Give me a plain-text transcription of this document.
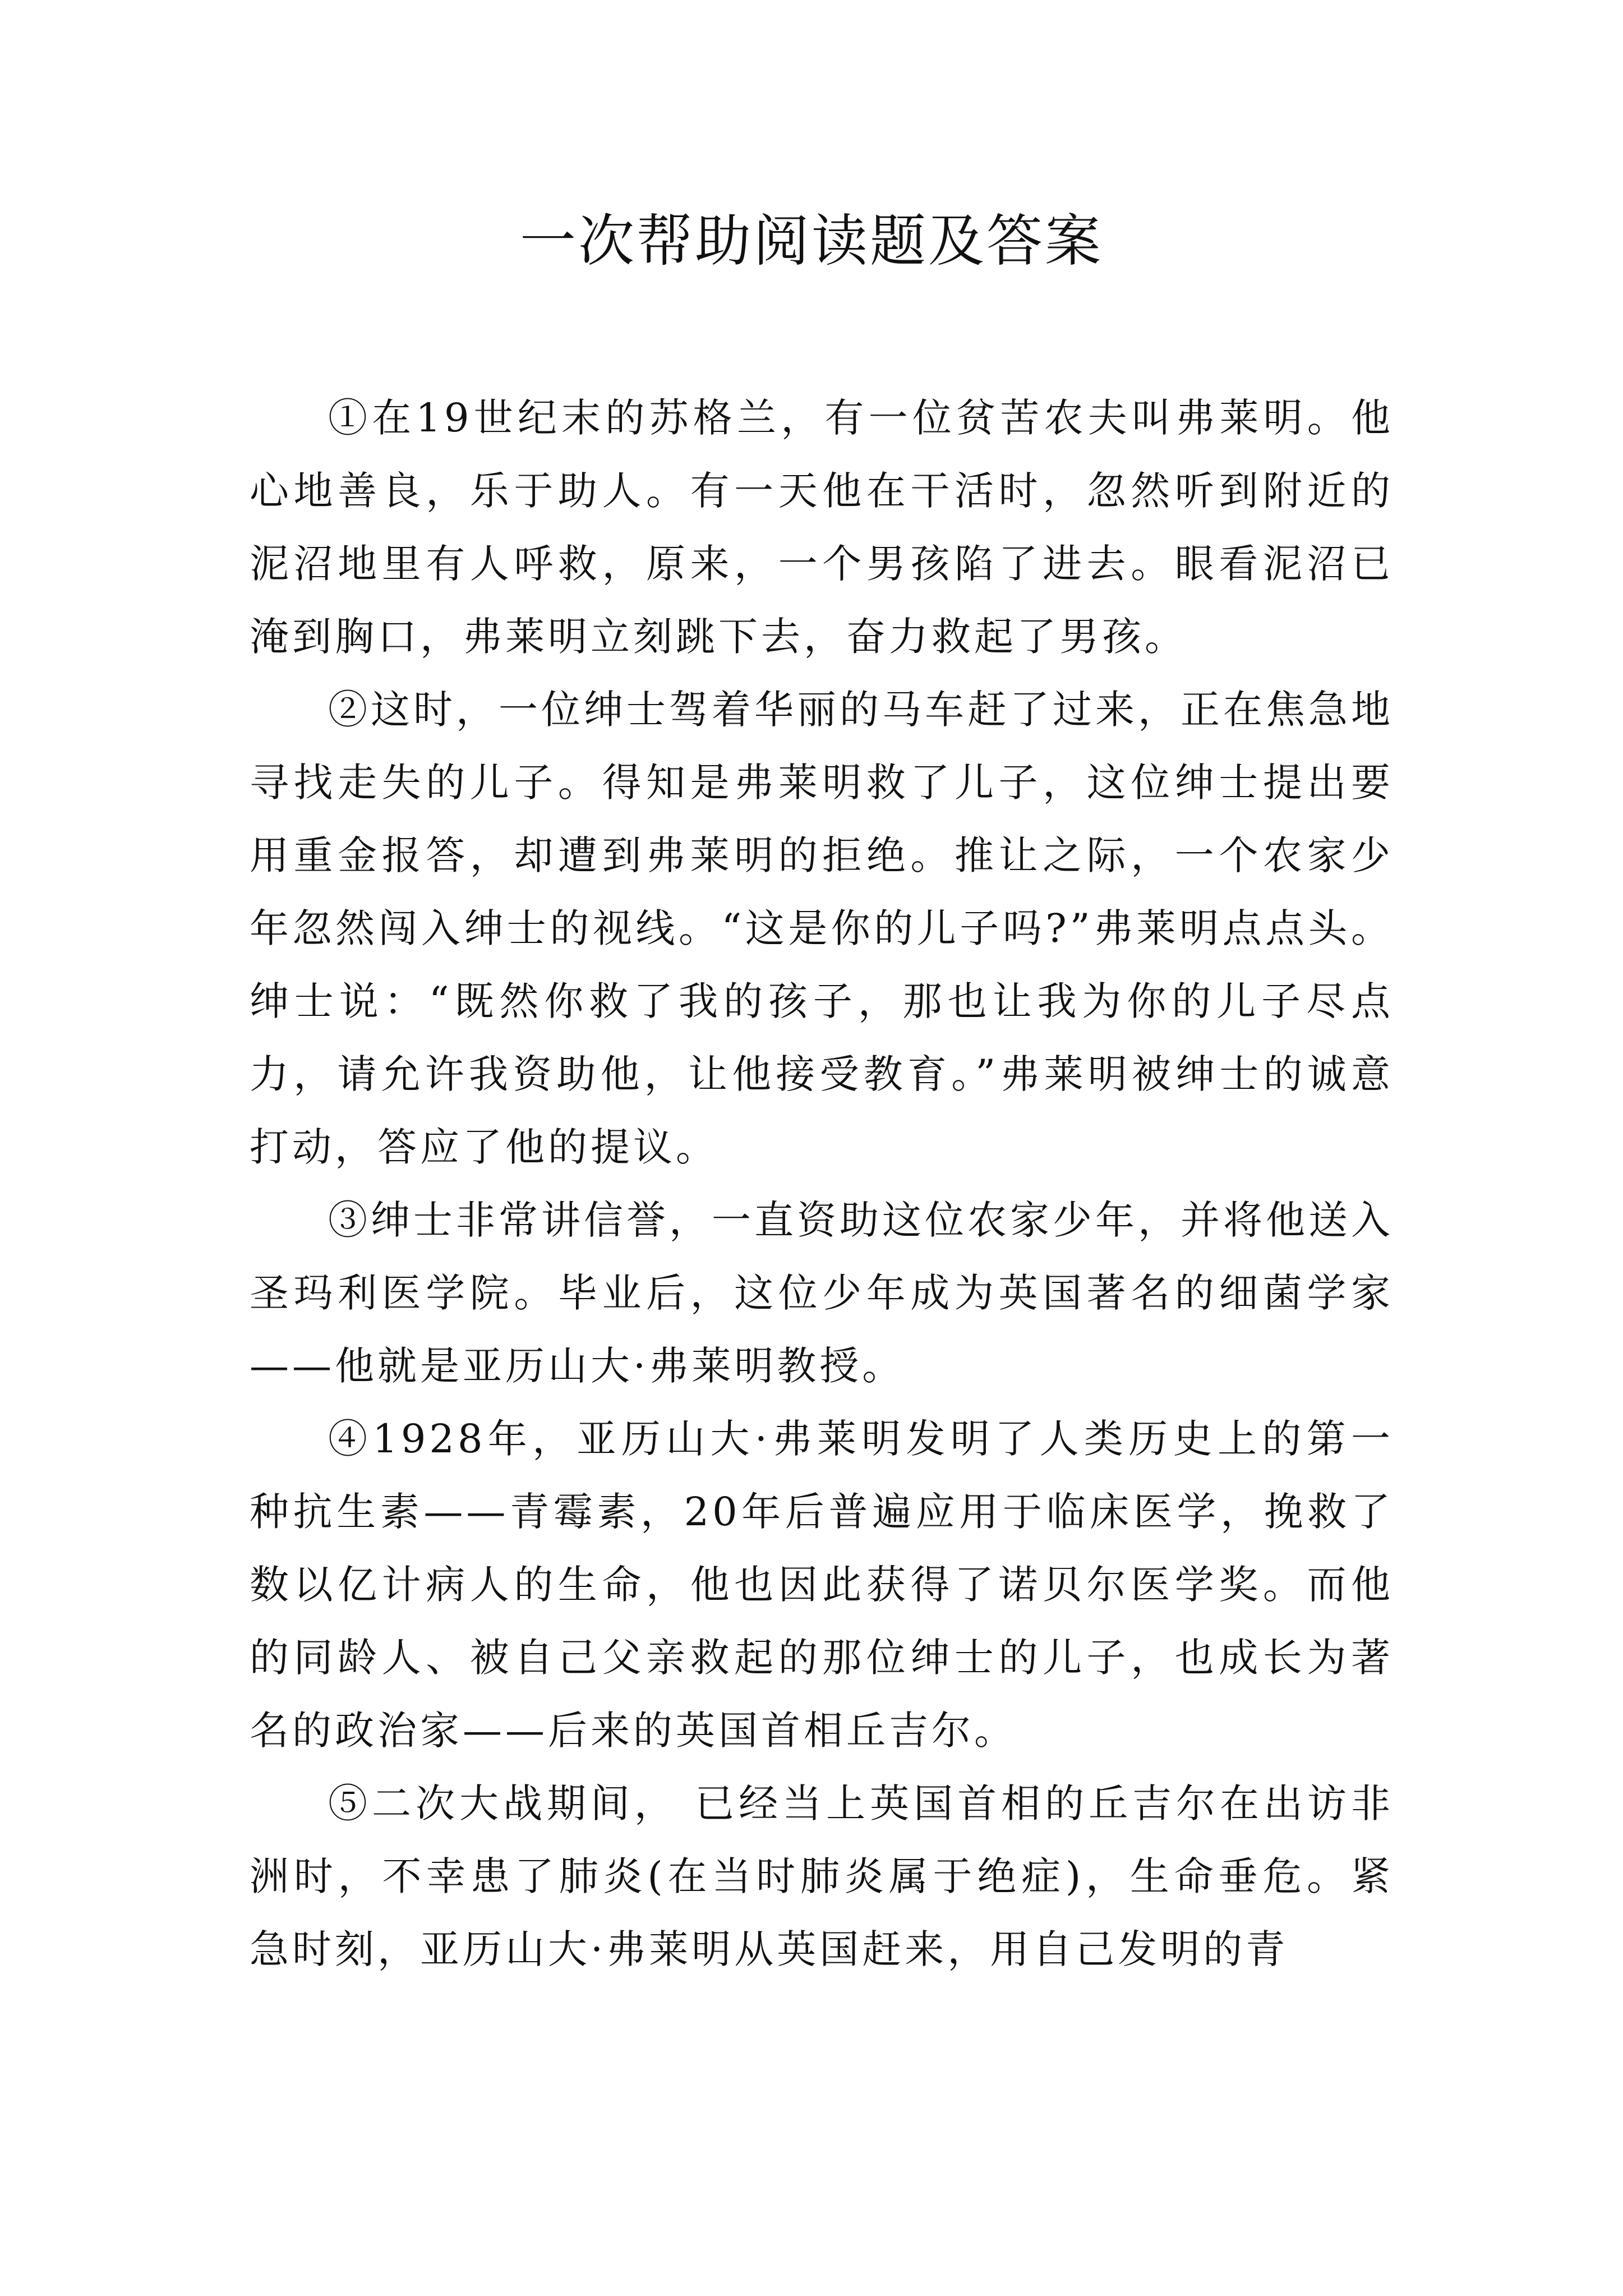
一次帮助阅读题及答案

①在19世纪末的苏格兰，有一位贫苦农夫叫弗莱明。他心地善良，乐于助人。有一天他在干活时，忽然听到附近的泥沼地里有人呼救，原来，一个男孩陷了进去。眼看泥沼已淹到胸口，弗莱明立刻跳下去，奋力救起了男孩。

②这时，一位绅士驾着华丽的马车赶了过来，正在焦急地寻找走失的儿子。得知是弗莱明救了儿子，这位绅士提出要用重金报答，却遭到弗莱明的拒绝。推让之际，一个农家少年忽然闯入绅士的视线。“这是你的儿子吗?”弗莱明点点头。绅士说：“既然你救了我的孩子，那也让我为你的儿子尽点力，请允许我资助他，让他接受教育。”弗莱明被绅士的诚意打动，答应了他的提议。

③绅士非常讲信誉，一直资助这位农家少年，并将他送入圣玛利医学院。毕业后，这位少年成为英国著名的细菌学家——他就是亚历山大·弗莱明教授。

④1928年，亚历山大·弗莱明发明了人类历史上的第一种抗生素——青霉素，20年后普遍应用于临床医学，挽救了数以亿计病人的生命，他也因此获得了诺贝尔医学奖。而他的同龄人、被自己父亲救起的那位绅士的儿子，也成长为著名的政治家——后来的英国首相丘吉尔。

⑤二次大战期间， 已经当上英国首相的丘吉尔在出访非洲时，不幸患了肺炎(在当时肺炎属于绝症)，生命垂危。紧急时刻，亚历山大·弗莱明从英国赶来，用自己发明的青
